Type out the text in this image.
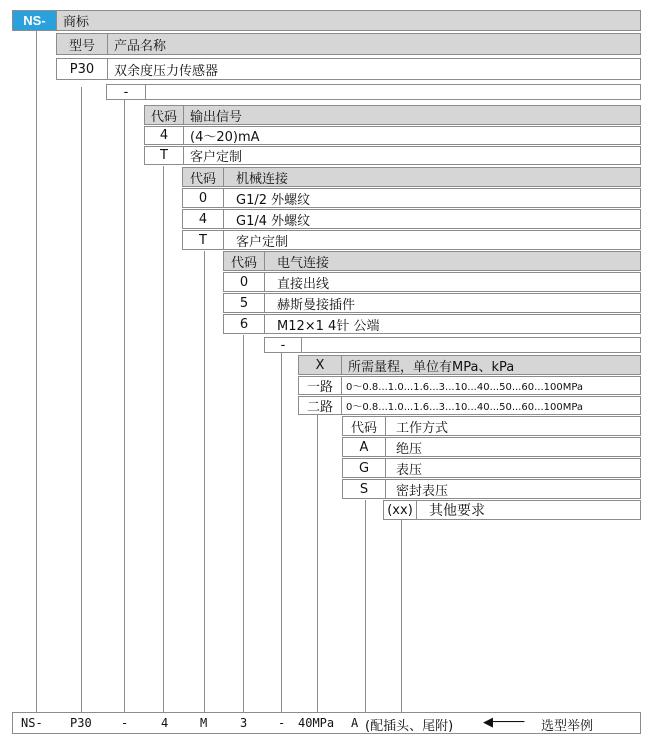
NS-	商标
型号	产品名称
P30	双余度压力传感器
-
代码	输出信号
4	(4～20)mA
T	客户定制
代码	机械连接
0	G1/2 外螺纹
4	G1/4 外螺纹
T	客户定制
代码	电气连接
0	直接出线
5	赫斯曼接插件
6	M12×1 4针 公端
-
X	所需量程，单位有MPa、kPa
一路	0～0.8...1.0...1.6...3...10...40...50...60...100MPa
二路	0～0.8...1.0...1.6...3...10...40...50...60...100MPa
代码	工作方式
A	绝压
G	表压
S	密封表压
(xx)	其他要求
NS- P30 -	4	M	3	- 40MPa A (配插头、尾附) ◀──── 选型举例
